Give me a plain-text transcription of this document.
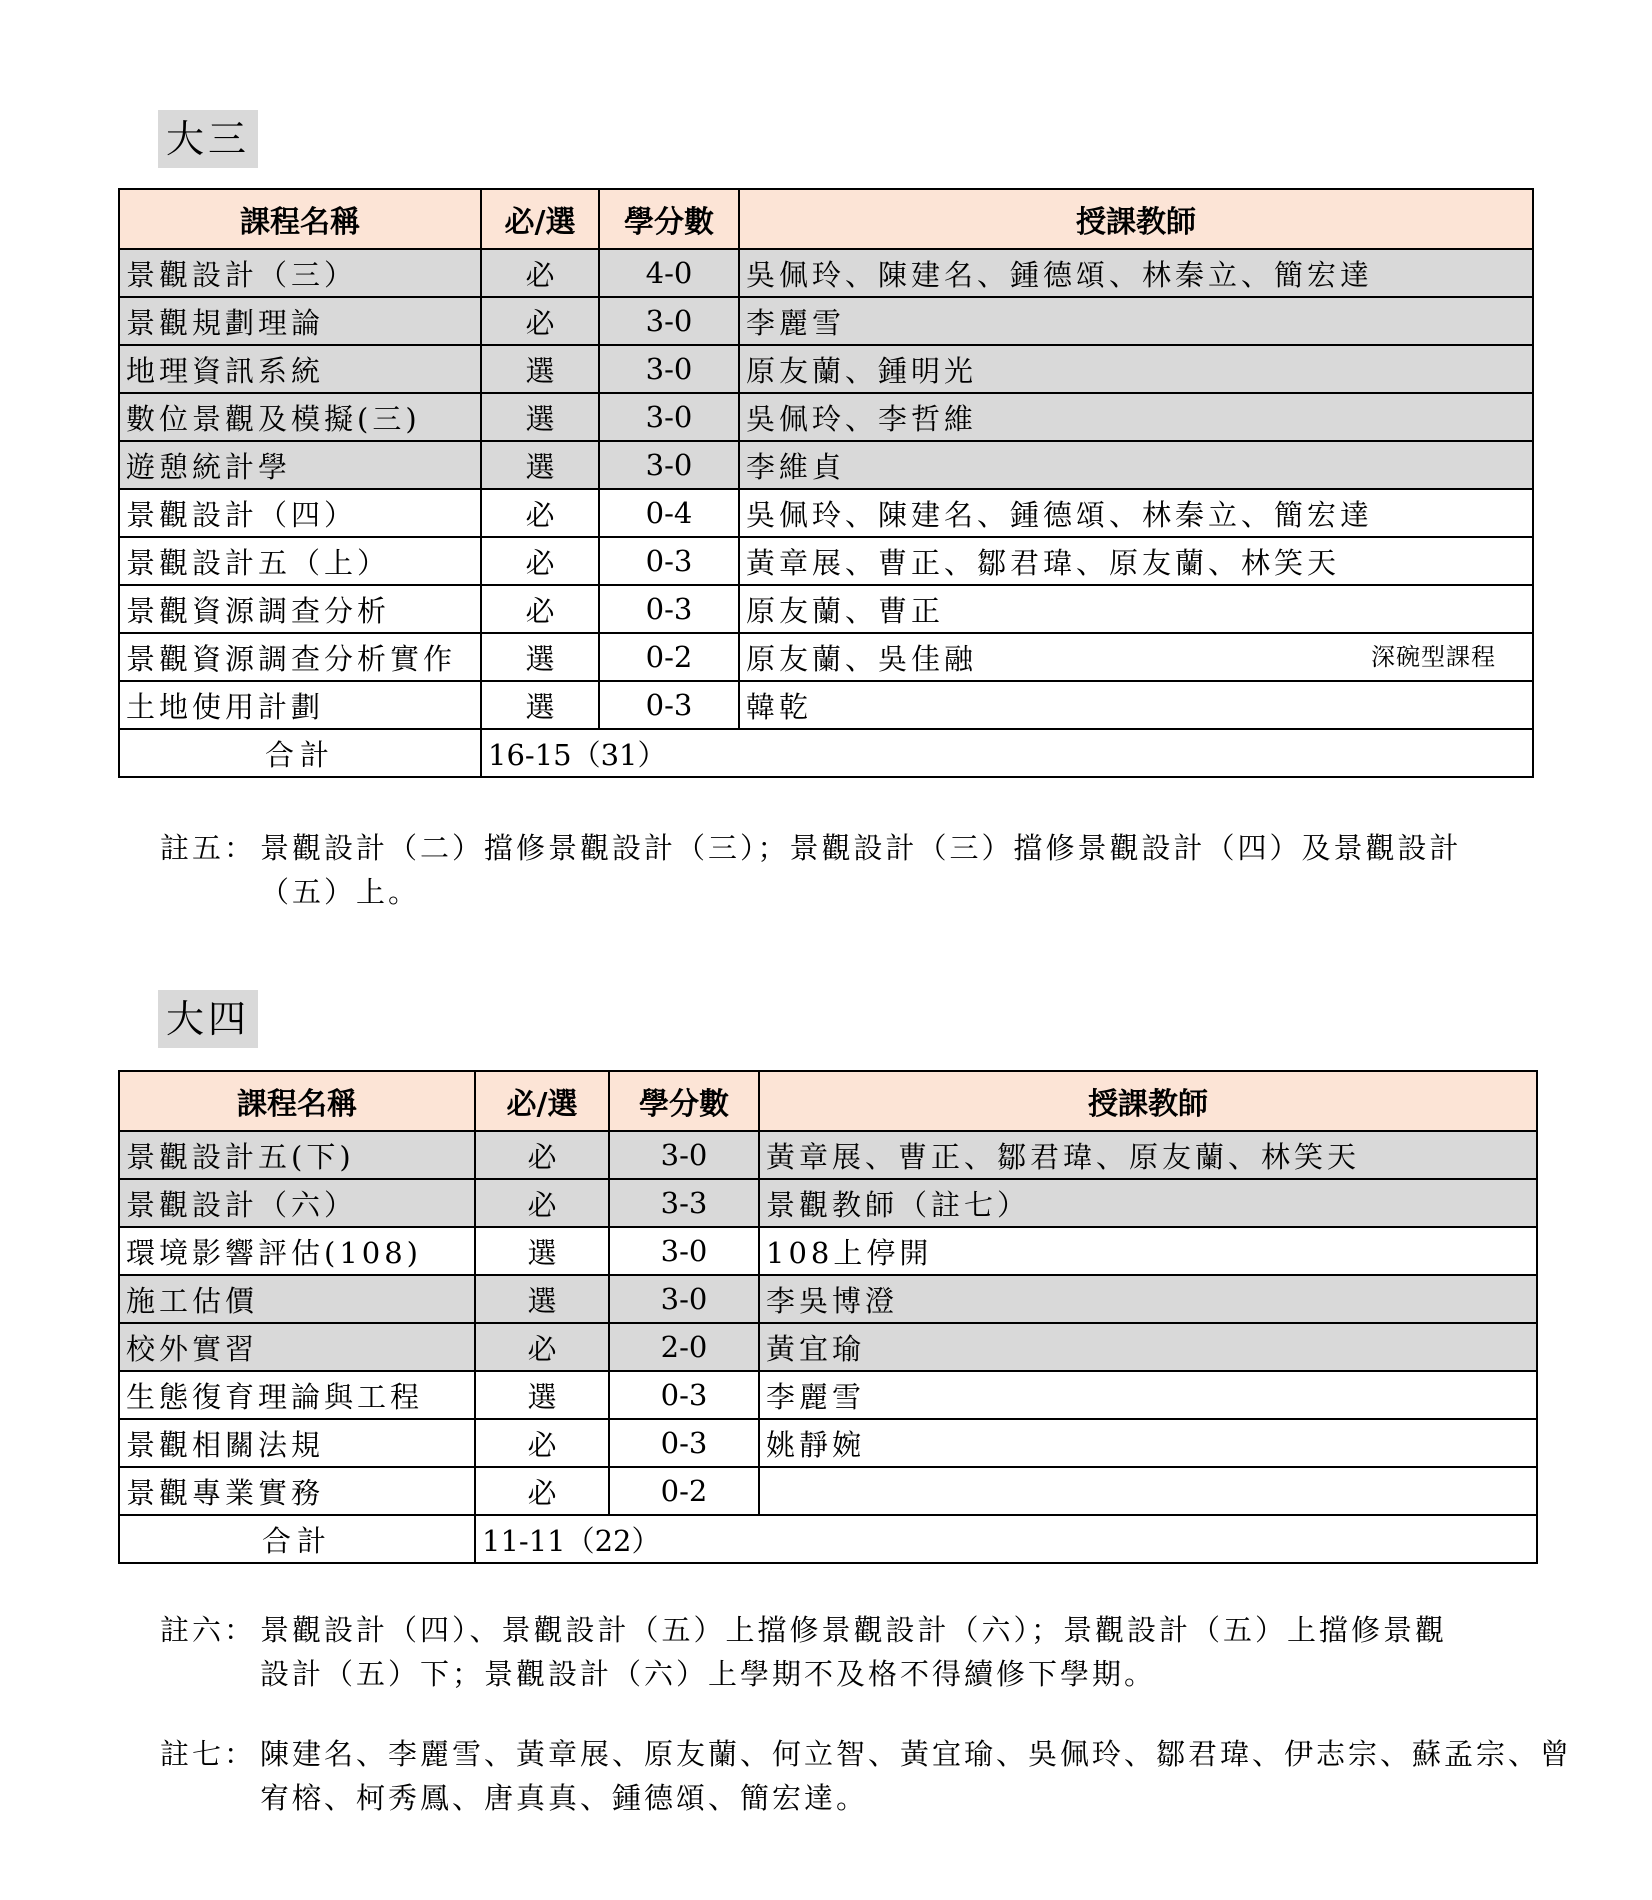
大三
課程名稱	必/選	學分數	授課教師
景觀設計（三）	必	4-0	吳佩玲、陳建名、鍾德頌、林秦立、簡宏達
景觀規劃理論	必	3-0	李麗雪
地理資訊系統	選	3-0	原友蘭、鍾明光
數位景觀及模擬(三)	選	3-0	吳佩玲、李哲維
遊憩統計學	選	3-0	李維貞
景觀設計（四）	必	0-4	吳佩玲、陳建名、鍾德頌、林秦立、簡宏達
景觀設計五（上）	必	0-3	黃章展、曹正、鄒君瑋、原友蘭、林笑天
景觀資源調查分析	必	0-3	原友蘭、曹正
景觀資源調查分析實作	選	0-2	原友蘭、吳佳融 深碗型課程

土地使用計劃	選	0-3	韓乾
合計	16-15（31）		
註五： 景觀設計（二）擋修景觀設計（三）；景觀設計（三）擋修景觀設計（四）及景觀設計（五）上。
大四
課程名稱	必/選	學分數	授課教師
景觀設計五(下)	必	3-0	黃章展、曹正、鄒君瑋、原友蘭、林笑天
景觀設計（六）	必	3-3	景觀教師（註七）
環境影響評估(108)	選	3-0	108上停開
施工估價	選	3-0	李吳博澄
校外實習	必	2-0	黃宜瑜
生態復育理論與工程	選	0-3	李麗雪
景觀相關法規	必	0-3	姚靜婉
景觀專業實務	必	0-2	
合計	11-11（22）		
註六： 景觀設計（四）、景觀設計（五）上擋修景觀設計（六）；景觀設計（五）上擋修景觀設計（五）下；景觀設計（六）上學期不及格不得續修下學期。
註七： 陳建名、李麗雪、黃章展、原友蘭、何立智、黃宜瑜、吳佩玲、鄒君瑋、伊志宗、蘇孟宗、曾宥榕、柯秀鳳、唐真真、鍾德頌、簡宏達。
